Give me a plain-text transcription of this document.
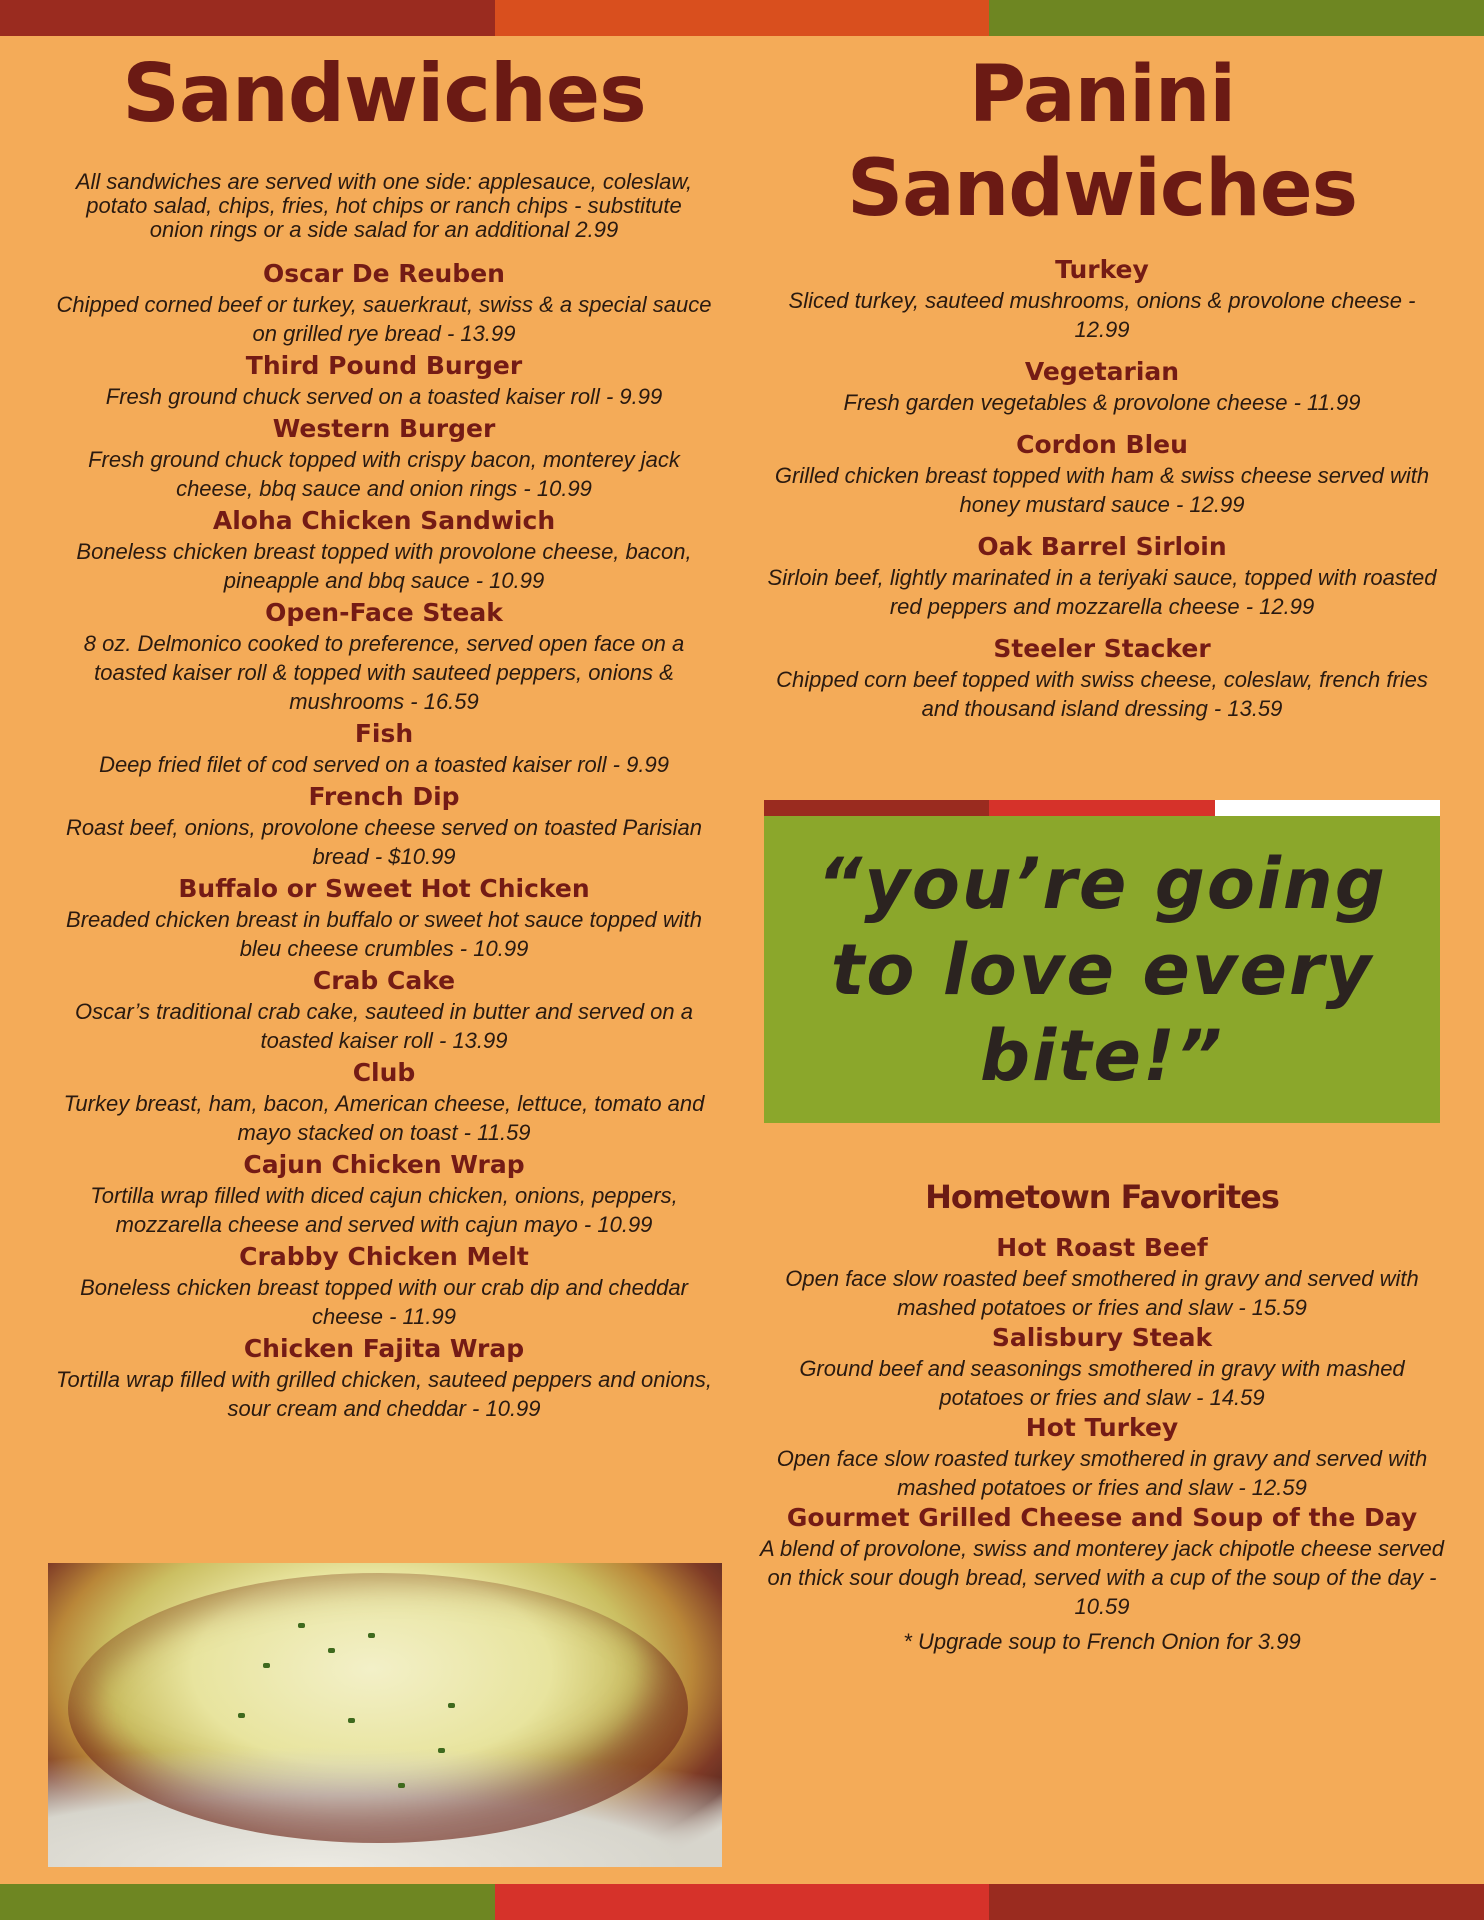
Sandwiches

All sandwiches are served with one side: applesauce, coleslaw, potato salad, chips, fries, hot chips or ranch chips - substitute onion rings or a side salad for an additional 2.99

Oscar De Reuben
Chipped corned beef or turkey, sauerkraut, swiss & a special sauce on grilled rye bread - 13.99
Third Pound Burger
Fresh ground chuck served on a toasted kaiser roll - 9.99
Western Burger
Fresh ground chuck topped with crispy bacon, monterey jack cheese, bbq sauce and onion rings - 10.99
Aloha Chicken Sandwich
Boneless chicken breast topped with provolone cheese, bacon, pineapple and bbq sauce - 10.99
Open-Face Steak
8 oz. Delmonico cooked to preference, served open face on a toasted kaiser roll & topped with sauteed peppers, onions & mushrooms - 16.59
Fish
Deep fried filet of cod served on a toasted kaiser roll - 9.99
French Dip
Roast beef, onions, provolone cheese served on toasted Parisian bread - $10.99
Buffalo or Sweet Hot Chicken
Breaded chicken breast in buffalo or sweet hot sauce topped with bleu cheese crumbles - 10.99
Crab Cake
Oscar’s traditional crab cake, sauteed in butter and served on a toasted kaiser roll - 13.99
Club
Turkey breast, ham, bacon, American cheese, lettuce, tomato and mayo stacked on toast - 11.59
Cajun Chicken Wrap
Tortilla wrap filled with diced cajun chicken, onions, peppers, mozzarella cheese and served with cajun mayo - 10.99
Crabby Chicken Melt
Boneless chicken breast topped with our crab dip and cheddar cheese - 11.99
Chicken Fajita Wrap
Tortilla wrap filled with grilled chicken, sauteed peppers and onions, sour cream and cheddar - 10.99
Panini Sandwiches
Turkey
Sliced turkey, sauteed mushrooms, onions & provolone cheese - 12.99
Vegetarian
Fresh garden vegetables & provolone cheese - 11.99
Cordon Bleu
Grilled chicken breast topped with ham & swiss cheese served with honey mustard sauce - 12.99
Oak Barrel Sirloin
Sirloin beef, lightly marinated in a teriyaki sauce, topped with roasted red peppers and mozzarella cheese - 12.99
Steeler Stacker
Chipped corn beef topped with swiss cheese, coleslaw, french fries and thousand island dressing - 13.59

“you’re going to love every bite!”

Hometown Favorites
Hot Roast Beef
Open face slow roasted beef smothered in gravy and served with mashed potatoes or fries and slaw - 15.59
Salisbury Steak
Ground beef and seasonings smothered in gravy with mashed potatoes or fries and slaw - 14.59
Hot Turkey
Open face slow roasted turkey smothered in gravy and served with mashed potatoes or fries and slaw - 12.59
Gourmet Grilled Cheese and Soup of the Day
A blend of provolone, swiss and monterey jack chipotle cheese served on thick sour dough bread, served with a cup of the soup of the day - 10.59
* Upgrade soup to French Onion for 3.99
